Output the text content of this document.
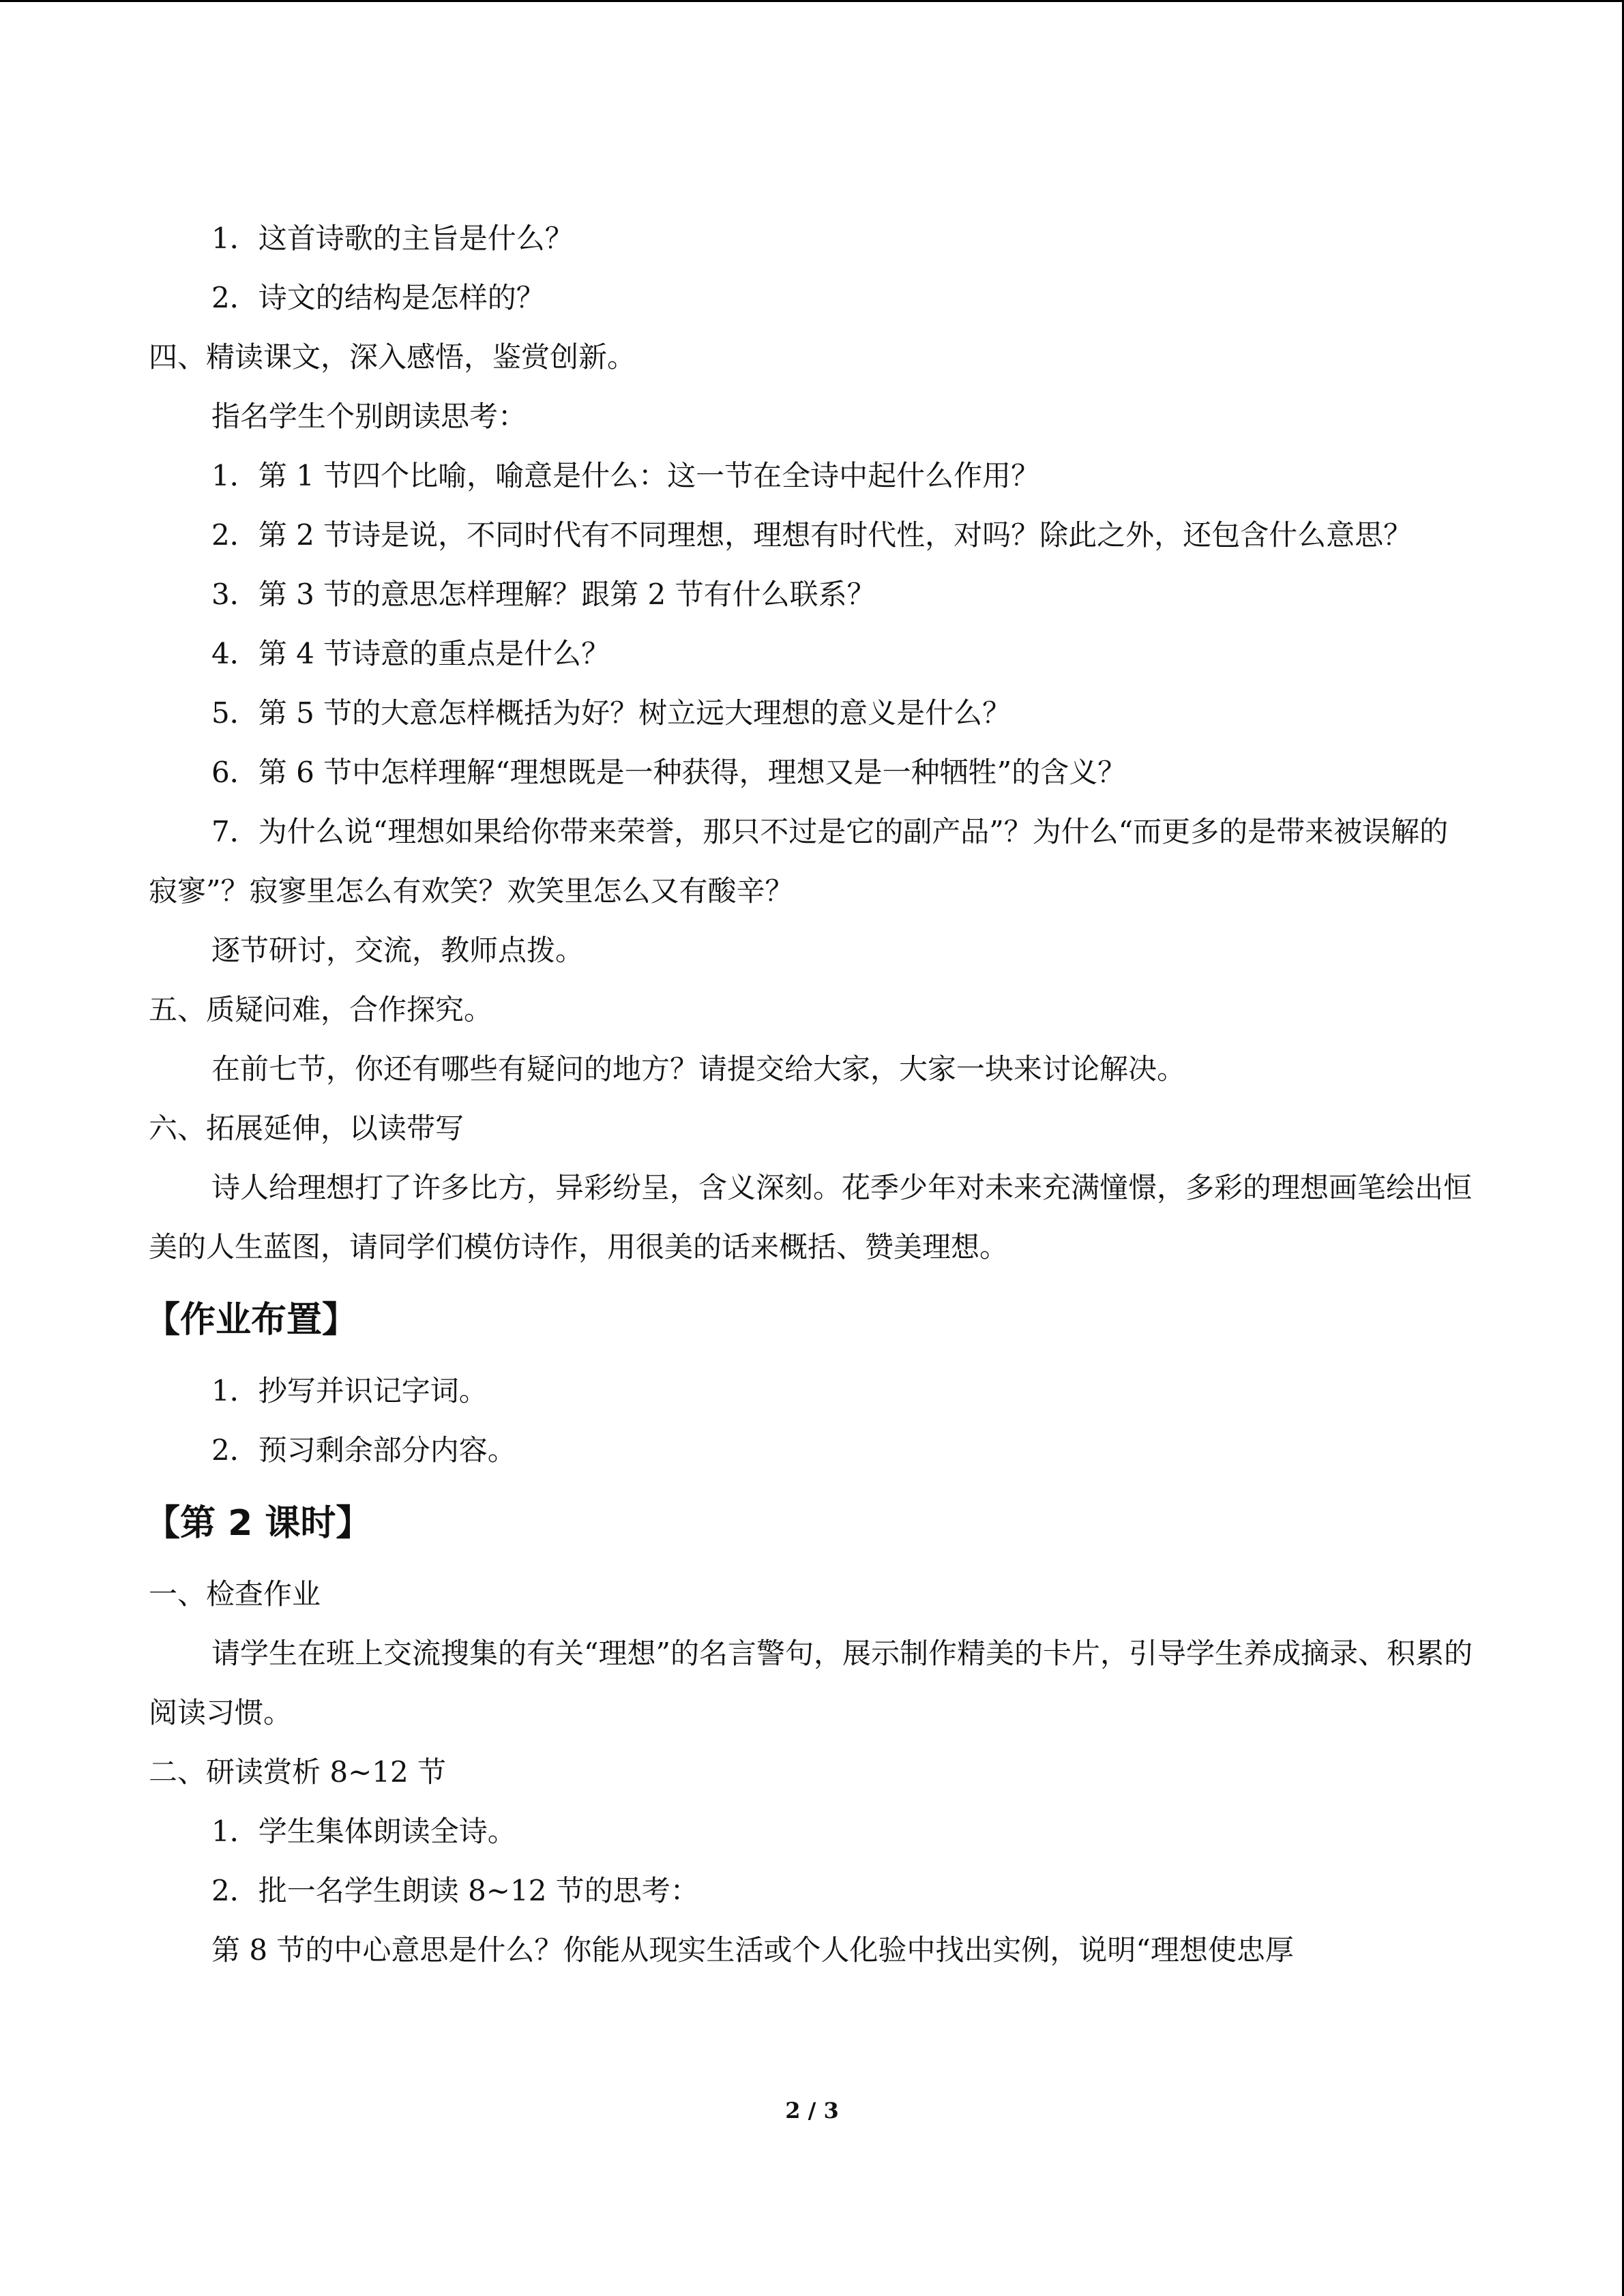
1．这首诗歌的主旨是什么？

2．诗文的结构是怎样的？

四、精读课文，深入感悟，鉴赏创新。

指名学生个别朗读思考：

1．第 1 节四个比喻，喻意是什么：这一节在全诗中起什么作用？

2．第 2 节诗是说，不同时代有不同理想，理想有时代性，对吗？除此之外，还包含什么意思？

3．第 3 节的意思怎样理解？跟第 2 节有什么联系？

4．第 4 节诗意的重点是什么？

5．第 5 节的大意怎样概括为好？树立远大理想的意义是什么？

6．第 6 节中怎样理解“理想既是一种获得，理想又是一种牺牲”的含义？

7．为什么说“理想如果给你带来荣誉，那只不过是它的副产品”？为什么“而更多的是带来被误解的寂寥”？寂寥里怎么有欢笑？欢笑里怎么又有酸辛？

逐节研讨，交流，教师点拨。

五、质疑问难，合作探究。

在前七节，你还有哪些有疑问的地方？请提交给大家，大家一块来讨论解决。

六、拓展延伸，以读带写

诗人给理想打了许多比方，异彩纷呈，含义深刻。花季少年对未来充满憧憬，多彩的理想画笔绘出恒美的人生蓝图，请同学们模仿诗作，用很美的话来概括、赞美理想。

【作业布置】

1．抄写并识记字词。

2．预习剩余部分内容。

【第 2 课时】

一、检查作业

请学生在班上交流搜集的有关“理想”的名言警句，展示制作精美的卡片，引导学生养成摘录、积累的阅读习惯。

二、研读赏析 8~12 节

1．学生集体朗读全诗。

2．批一名学生朗读 8~12 节的思考：

第 8 节的中心意思是什么？你能从现实生活或个人化验中找出实例，说明“理想使忠厚

2 / 3
